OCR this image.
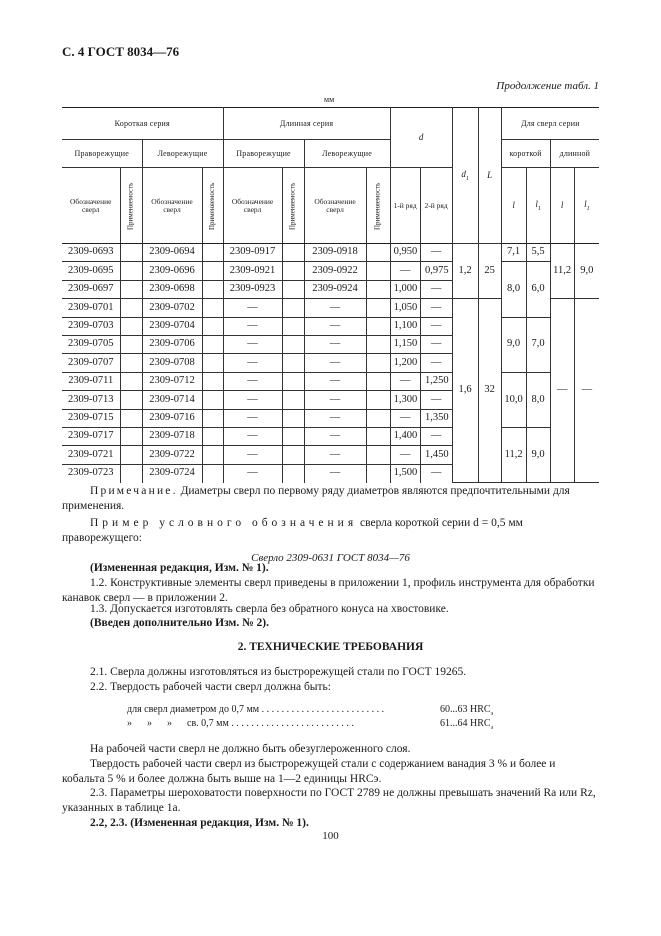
С. 4 ГОСТ 8034—76
Продолжение табл. 1
мм
Короткая серия				Длинная серия				d		$d_1$	L	Для сверл серии			
Праворежущие		Леворежущие		Праворежущие		Леворежущие						короткой		длинной	
Обозначение сверл	Применяемость	Обозначение сверл	Применяемость	Обозначение сверл	Применяемость	Обозначение сверл	Применяемость	1-й ряд	2-й ряд			l	$l_1$	l	$l_1$
2309-0693		2309-0694		2309-0917		2309-0918		0,950	—	1,2	25	7,1	5,5	11,2	9,0
2309-0695		2309-0696		2309-0921		2309-0922		—	0,975			8,0	6,0		
2309-0697		2309-0698		2309-0923		2309-0924		1,000	—						
2309-0701		2309-0702		—		—		1,050	—	1,6	32			—	—
2309-0703		2309-0704		—		—		1,100	—			9,0	7,0		
2309-0705		2309-0706		—		—		1,150	—						
2309-0707		2309-0708		—		—		1,200	—						
2309-0711		2309-0712		—		—		—	1,250			10,0	8,0		
2309-0713		2309-0714		—		—		1,300	—						
2309-0715		2309-0716		—		—		—	1,350						
2309-0717		2309-0718		—		—		1,400	—			11,2	9,0		
2309-0721		2309-0722		—		—		—	1,450						
2309-0723		2309-0724		—		—		1,500	—						
Примечание. Диаметры сверл по первому ряду диаметров являются предпочтительными для применения.
Пример условного обозначения сверла короткой серии d = 0,5 мм праворежущего:
Сверло 2309-0631 ГОСТ 8034—76
(Измененная редакция, Изм. № 1).
1.2. Конструктивные элементы сверл приведены в приложении 1, профиль инструмента для обработки канавок сверл — в приложении 2.
1.3. Допускается изготовлять сверла без обратного конуса на хвостовике.
(Введен дополнительно Изм. № 2).
2. ТЕХНИЧЕСКИЕ ТРЕБОВАНИЯ
2.1. Сверла должны изготовляться из быстрорежущей стали по ГОСТ 19265.
2.2. Твердость рабочей части сверл должна быть:
для сверл диаметром до 0,7 мм . . . . . . . . . . . . . . . . . . . . . . . . .	60...63 $HRC_э$
»      »      »      св. 0,7 мм . . . . . . . . . . . . . . . . . . . . . . . . .	61...64 $HRC_э$
На рабочей части сверл не должно быть обезуглероженного слоя.
Твердость рабочей части сверл из быстрорежущей стали с содержанием ванадия 3 % и более и кобальта 5 % и более должна быть выше на 1—2 единицы HRCэ.
2.3. Параметры шероховатости поверхности по ГОСТ 2789 не должны превышать значений Ra или Rz, указанных в таблице 1а.
2.2, 2.3. (Измененная редакция, Изм. № 1).
100
